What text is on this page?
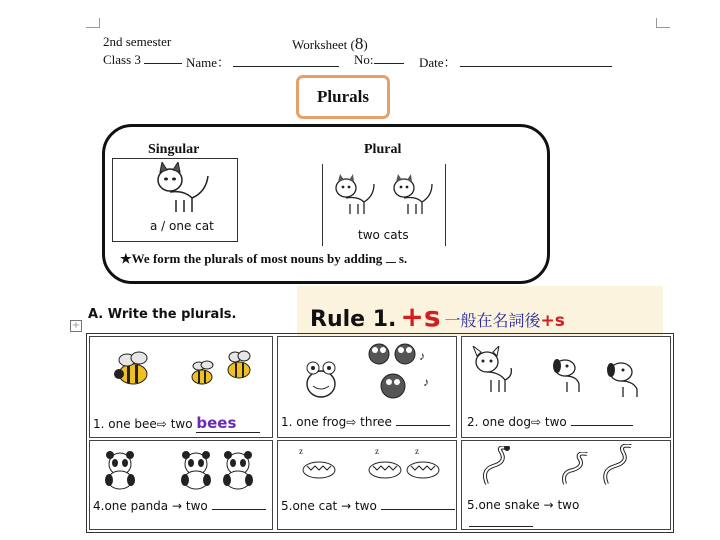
2nd semester	Worksheet (8)
Class 3	Name：	No:	Date：
Plurals
Singular	Plural
a / one cat
two cats
★We form the plurals of most nouns by adding s.
A. Write the plurals.	Rule 1. +s 一般在名詞後+s
♪
♪
z	z	z
1. one bee⇨ two bees	1. one frog⇨ three	2. one dog⇨ two
4.one panda → two	5.one cat → two	5.one snake → two
+
